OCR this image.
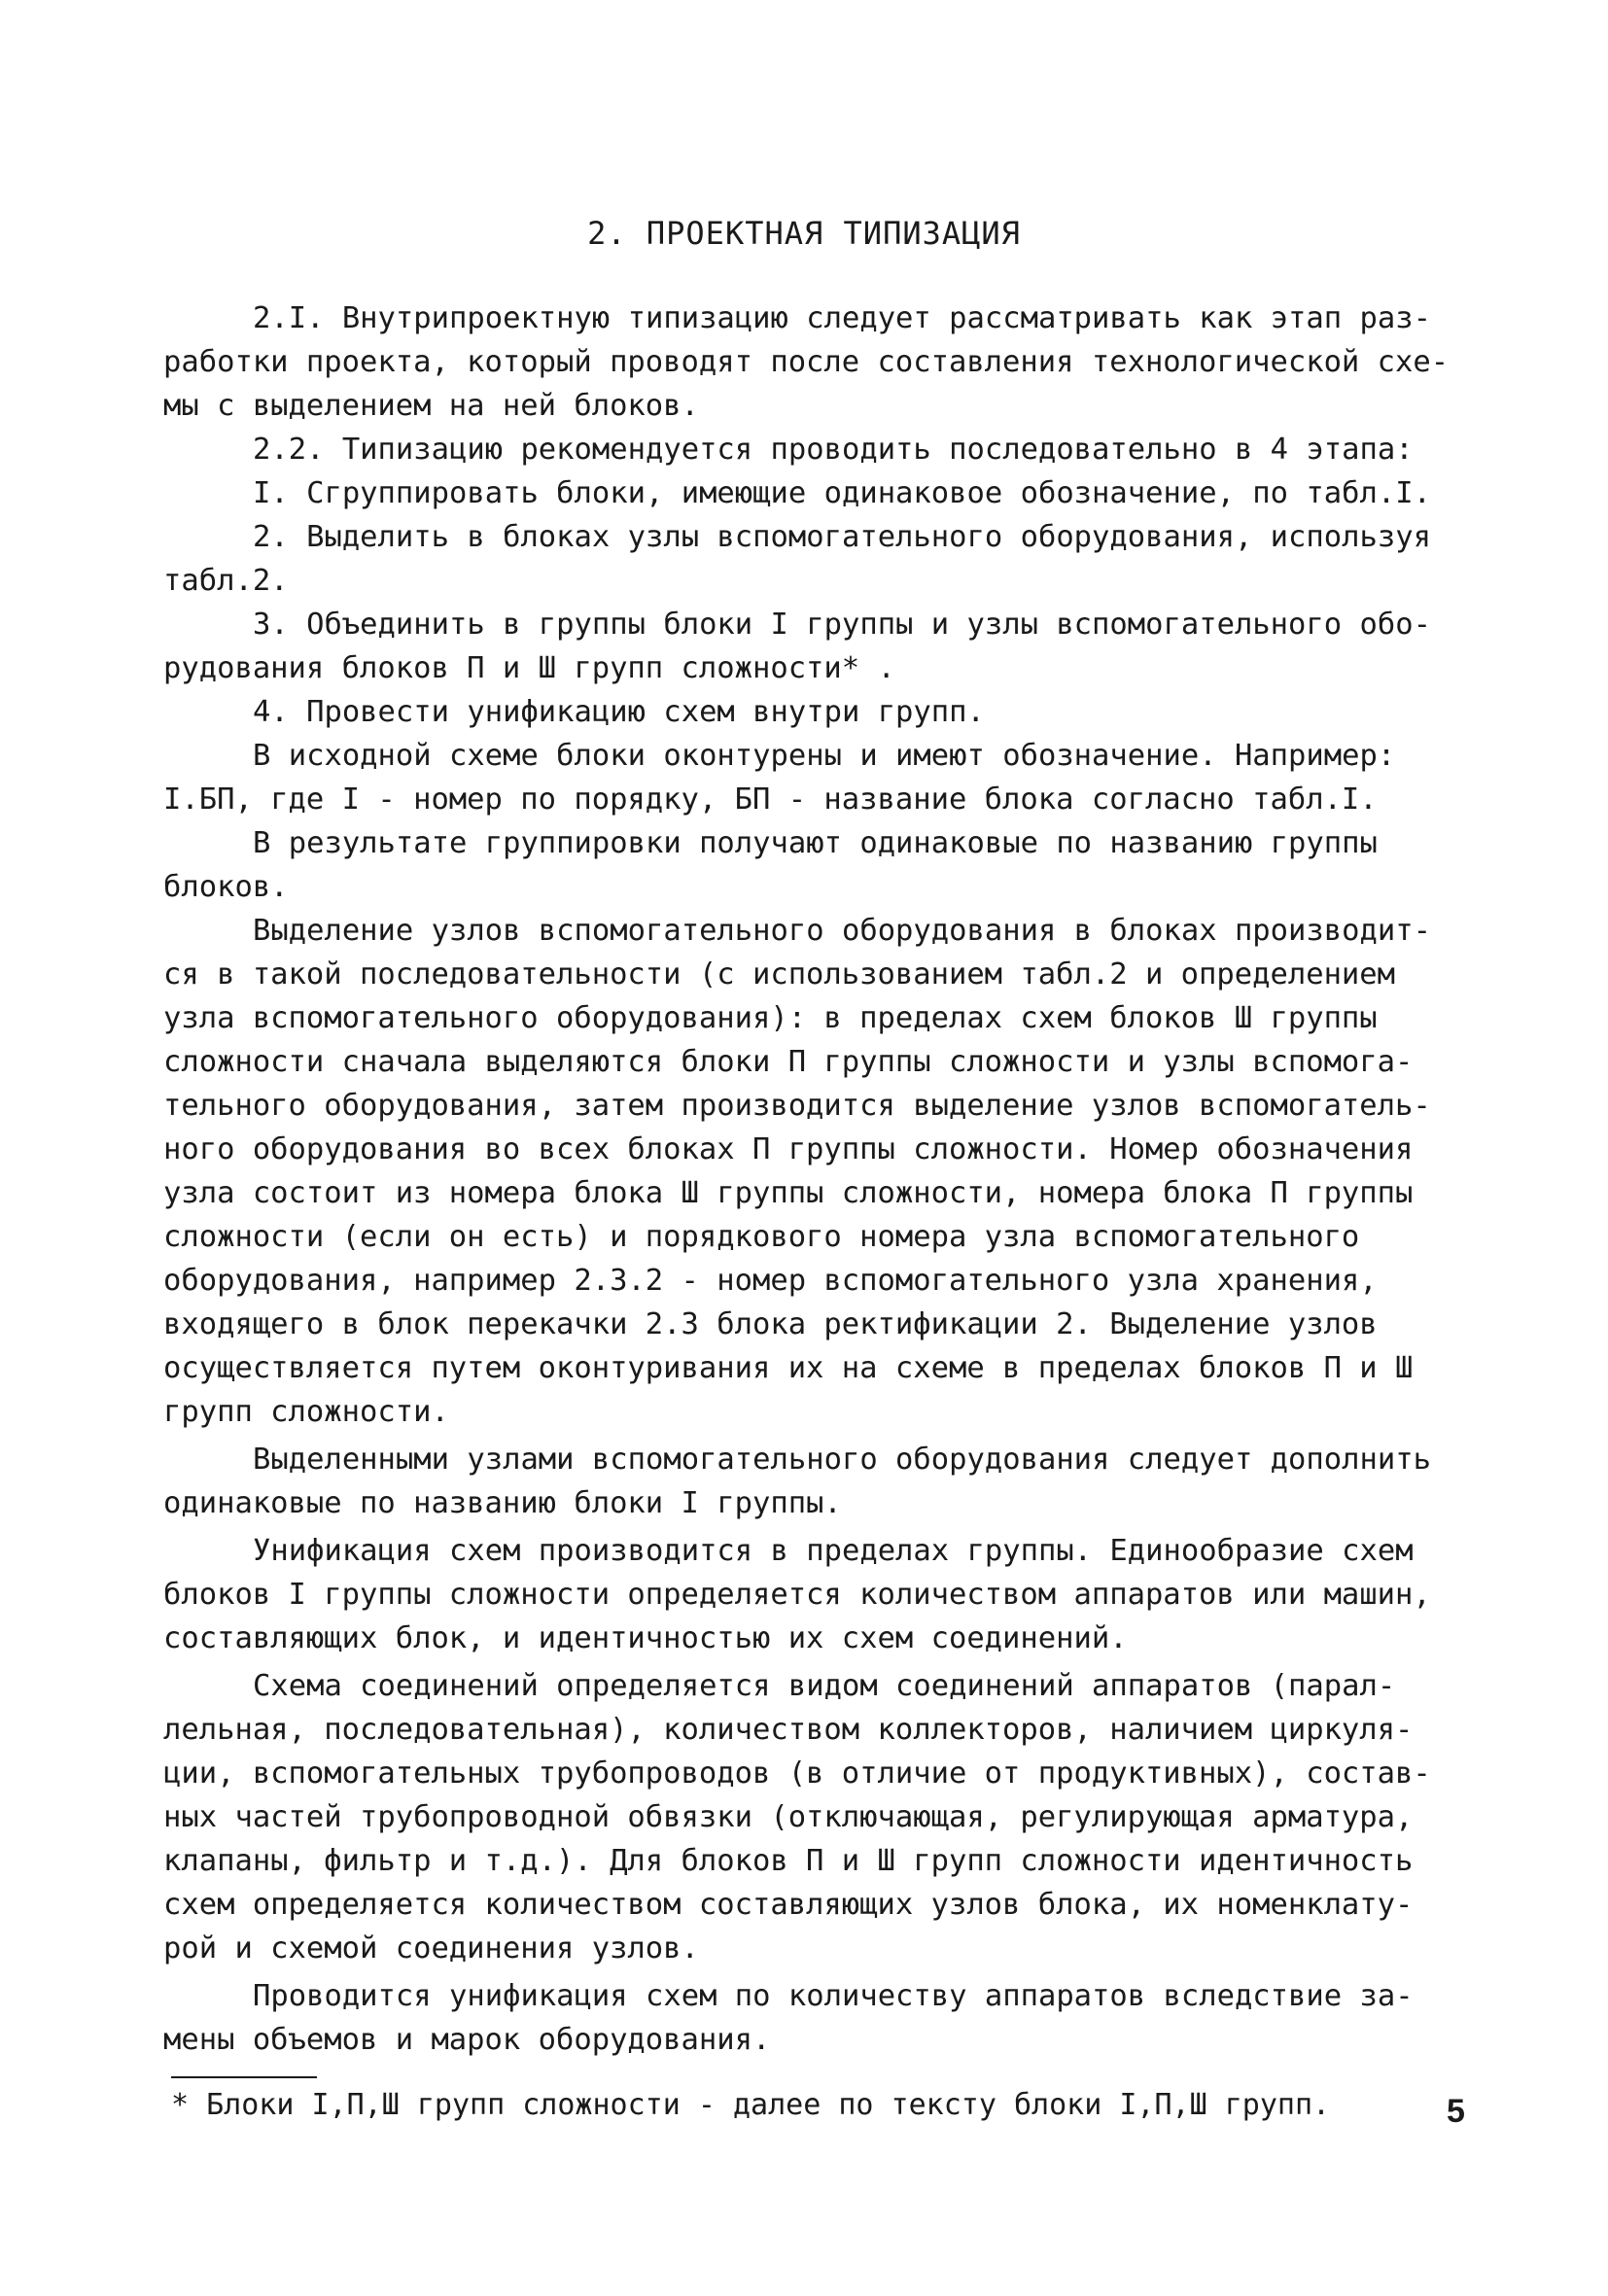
2. ПРОЕКТНАЯ ТИПИЗАЦИЯ
2.I. Внутрипроектную типизацию следует рассматривать как этап раз-
работки проекта, который проводят после составления технологической схе-
мы с выделением на ней блоков.
2.2. Типизацию рекомендуется проводить последовательно в 4 этапа:
I. Сгруппировать блоки, имеющие одинаковое обозначение, по табл.I.
2. Выделить в блоках узлы вспомогательного оборудования, используя
табл.2.
3. Объединить в группы блоки I группы и узлы вспомогательного обо-
рудования блоков П и Ш групп сложности* .
4. Провести унификацию схем внутри групп.
В исходной схеме блоки оконтурены и имеют обозначение. Например:
I.БП, где I - номер по порядку, БП - название блока согласно табл.I.
В результате группировки получают одинаковые по названию группы
блоков.
Выделение узлов вспомогательного оборудования в блоках производит-
ся в такой последовательности (с использованием табл.2 и определением
узла вспомогательного оборудования): в пределах схем блоков Ш группы
сложности сначала выделяются блоки П группы сложности и узлы вспомога-
тельного оборудования, затем производится выделение узлов вспомогатель-
ного оборудования во всех блоках П группы сложности. Номер обозначения
узла состоит из номера блока Ш группы сложности, номера блока П группы
сложности (если он есть) и порядкового номера узла вспомогательного
оборудования, например 2.3.2 - номер вспомогательного узла хранения,
входящего в блок перекачки 2.3 блока ректификации 2. Выделение узлов
осуществляется путем оконтуривания их на схеме в пределах блоков П и Ш
групп сложности.
Выделенными узлами вспомогательного оборудования следует дополнить
одинаковые по названию блоки I группы.
Унификация схем производится в пределах группы. Единообразие схем
блоков I группы сложности определяется количеством аппаратов или машин,
составляющих блок, и идентичностью их схем соединений.
Схема соединений определяется видом соединений аппаратов (парал-
лельная, последовательная), количеством коллекторов, наличием циркуля-
ции, вспомогательных трубопроводов (в отличие от продуктивных), состав-
ных частей трубопроводной обвязки (отключающая, регулирующая арматура,
клапаны, фильтр и т.д.). Для блоков П и Ш групп сложности идентичность
схем определяется количеством составляющих узлов блока, их номенклату-
рой и схемой соединения узлов.
Проводится унификация схем по количеству аппаратов вследствие за-
мены объемов и марок оборудования.
* Блоки I,П,Ш групп сложности - далее по тексту блоки I,П,Ш групп.	5
